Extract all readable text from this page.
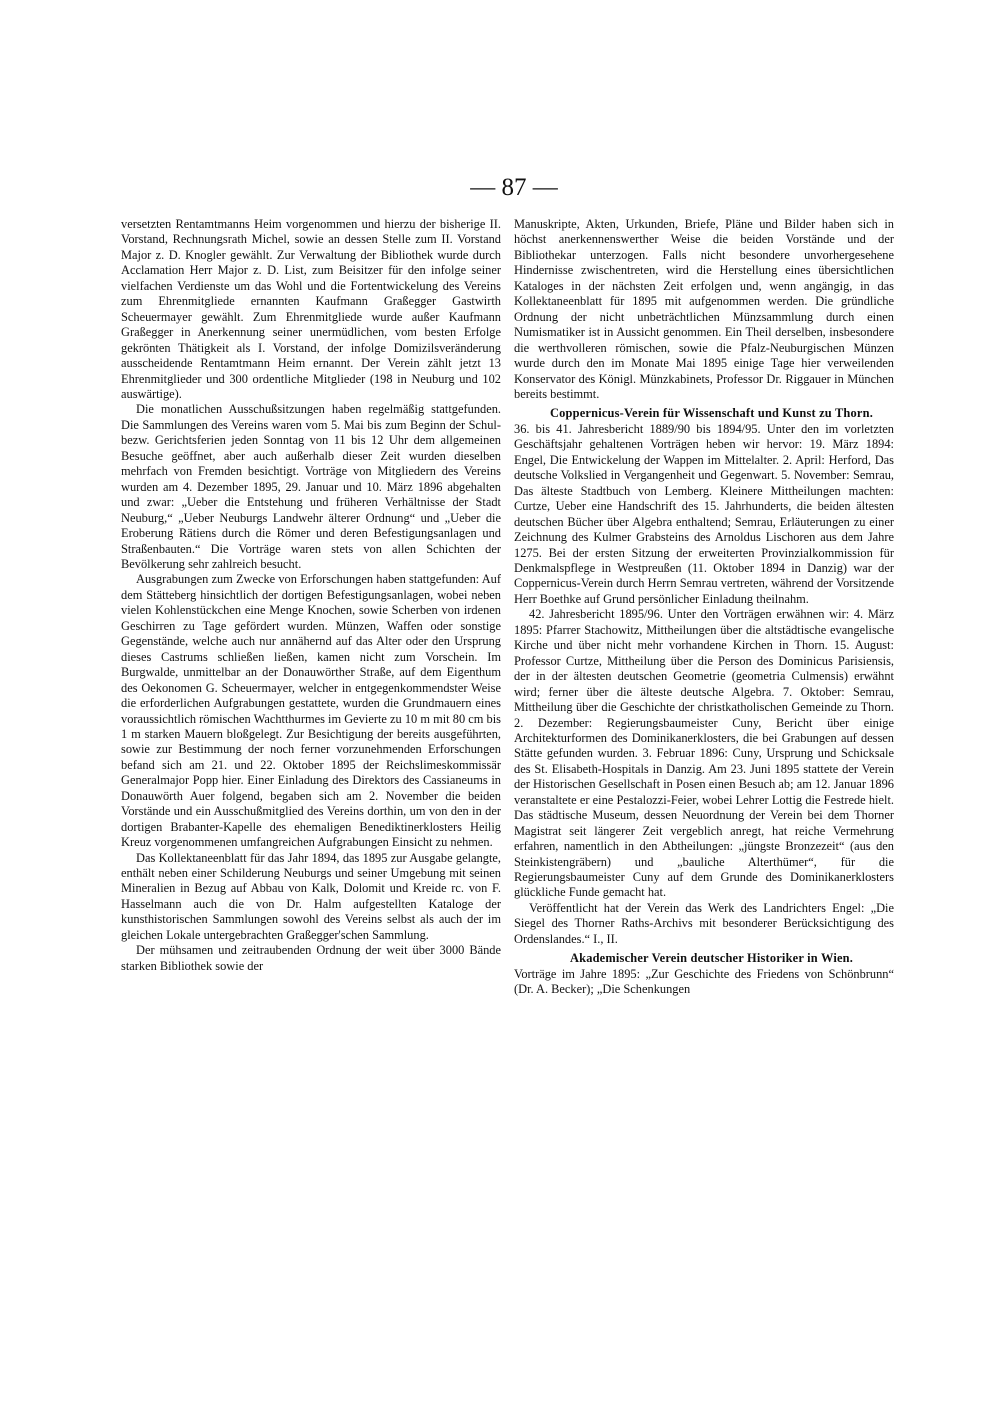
— 87 —

versetzten Rentamtmanns Heim vorgenommen und hierzu der bisherige II. Vorstand, Rechnungsrath Michel, sowie an dessen Stelle zum II. Vorstand Major z. D. Knogler gewählt. Zur Verwaltung der Bibliothek wurde durch Acclamation Herr Major z. D. List, zum Beisitzer für den infolge seiner vielfachen Verdienste um das Wohl und die Fortentwickelung des Vereins zum Ehrenmitgliede ernannten Kaufmann Graßegger Gastwirth Scheuermayer gewählt. Zum Ehrenmitgliede wurde außer Kaufmann Graßegger in Anerkennung seiner unermüdlichen, vom besten Erfolge gekrönten Thätigkeit als I. Vorstand, der infolge Domizilsveränderung ausscheidende Rentamtmann Heim ernannt. Der Verein zählt jetzt 13 Ehrenmitglieder und 300 ordentliche Mitglieder (198 in Neuburg und 102 auswärtige).

Die monatlichen Ausschußsitzungen haben regelmäßig stattgefunden. Die Sammlungen des Vereins waren vom 5. Mai bis zum Beginn der Schul- bezw. Gerichtsferien jeden Sonntag von 11 bis 12 Uhr dem allgemeinen Besuche geöffnet, aber auch außerhalb dieser Zeit wurden dieselben mehrfach von Fremden besichtigt. Vorträge von Mitgliedern des Vereins wurden am 4. Dezember 1895, 29. Januar und 10. März 1896 abgehalten und zwar: „Ueber die Entstehung und früheren Verhältnisse der Stadt Neuburg,“ „Ueber Neuburgs Landwehr älterer Ordnung“ und „Ueber die Eroberung Rätiens durch die Römer und deren Befestigungsanlagen und Straßenbauten.“ Die Vorträge waren stets von allen Schichten der Bevölkerung sehr zahlreich besucht.

Ausgrabungen zum Zwecke von Erforschungen haben stattgefunden: Auf dem Stätteberg hinsichtlich der dortigen Befestigungsanlagen, wobei neben vielen Kohlenstückchen eine Menge Knochen, sowie Scherben von irdenen Geschirren zu Tage gefördert wurden. Münzen, Waffen oder sonstige Gegenstände, welche auch nur annähernd auf das Alter oder den Ursprung dieses Castrums schließen ließen, kamen nicht zum Vorschein. Im Burgwalde, unmittelbar an der Donauwörther Straße, auf dem Eigenthum des Oekonomen G. Scheuermayer, welcher in entgegenkommendster Weise die erforderlichen Aufgrabungen gestattete, wurden die Grundmauern eines voraussichtlich römischen Wachtthurmes im Gevierte zu 10 m mit 80 cm bis 1 m starken Mauern bloßgelegt. Zur Besichtigung der bereits ausgeführten, sowie zur Bestimmung der noch ferner vorzunehmenden Erforschungen befand sich am 21. und 22. Oktober 1895 der Reichslimeskommissär Generalmajor Popp hier. Einer Einladung des Direktors des Cassianeums in Donauwörth Auer folgend, begaben sich am 2. November die beiden Vorstände und ein Ausschußmitglied des Vereins dorthin, um von den in der dortigen Brabanter-Kapelle des ehemaligen Benediktinerklosters Heilig Kreuz vorgenommenen umfangreichen Aufgrabungen Einsicht zu nehmen.

Das Kollektaneenblatt für das Jahr 1894, das 1895 zur Ausgabe gelangte, enthält neben einer Schilderung Neuburgs und seiner Umgebung mit seinen Mineralien in Bezug auf Abbau von Kalk, Dolomit und Kreide rc. von F. Hasselmann auch die von Dr. Halm aufgestellten Kataloge der kunsthistorischen Sammlungen sowohl des Vereins selbst als auch der im gleichen Lokale untergebrachten Graßegger'schen Sammlung.

Der mühsamen und zeitraubenden Ordnung der weit über 3000 Bände starken Bibliothek sowie der

Manuskripte, Akten, Urkunden, Briefe, Pläne und Bilder haben sich in höchst anerkennenswerther Weise die beiden Vorstände und der Bibliothekar unterzogen. Falls nicht besondere unvorhergesehene Hindernisse zwischentreten, wird die Herstellung eines übersichtlichen Kataloges in der nächsten Zeit erfolgen und, wenn angängig, in das Kollektaneenblatt für 1895 mit aufgenommen werden. Die gründliche Ordnung der nicht unbeträchtlichen Münzsammlung durch einen Numismatiker ist in Aussicht genommen. Ein Theil derselben, insbesondere die werthvolleren römischen, sowie die Pfalz-Neuburgischen Münzen wurde durch den im Monate Mai 1895 einige Tage hier verweilenden Konservator des Königl. Münzkabinets, Professor Dr. Riggauer in München bereits bestimmt.

Coppernicus-Verein für Wissenschaft und Kunst zu Thorn.
36. bis 41. Jahresbericht 1889/90 bis 1894/95. Unter den im vorletzten Geschäftsjahr gehaltenen Vorträgen heben wir hervor: 19. März 1894: Engel, Die Entwickelung der Wappen im Mittelalter. 2. April: Herford, Das deutsche Volkslied in Vergangenheit und Gegenwart. 5. November: Semrau, Das älteste Stadtbuch von Lemberg. Kleinere Mittheilungen machten: Curtze, Ueber eine Handschrift des 15. Jahrhunderts, die beiden ältesten deutschen Bücher über Algebra enthaltend; Semrau, Erläuterungen zu einer Zeichnung des Kulmer Grabsteins des Arnoldus Lischoren aus dem Jahre 1275. Bei der ersten Sitzung der erweiterten Provinzialkommission für Denkmalspflege in Westpreußen (11. Oktober 1894 in Danzig) war der Coppernicus-Verein durch Herrn Semrau vertreten, während der Vorsitzende Herr Boethke auf Grund persönlicher Einladung theilnahm.

42. Jahresbericht 1895/96. Unter den Vorträgen erwähnen wir: 4. März 1895: Pfarrer Stachowitz, Mittheilungen über die altstädtische evangelische Kirche und über nicht mehr vorhandene Kirchen in Thorn. 15. August: Professor Curtze, Mittheilung über die Person des Dominicus Parisiensis, der in der ältesten deutschen Geometrie (geometria Culmensis) erwähnt wird; ferner über die älteste deutsche Algebra. 7. Oktober: Semrau, Mittheilung über die Geschichte der christkatholischen Gemeinde zu Thorn. 2. Dezember: Regierungsbaumeister Cuny, Bericht über einige Architekturformen des Dominikanerklosters, die bei Grabungen auf dessen Stätte gefunden wurden. 3. Februar 1896: Cuny, Ursprung und Schicksale des St. Elisabeth-Hospitals in Danzig. Am 23. Juni 1895 stattete der Verein der Historischen Gesellschaft in Posen einen Besuch ab; am 12. Januar 1896 veranstaltete er eine Pestalozzi-Feier, wobei Lehrer Lottig die Festrede hielt. Das städtische Museum, dessen Neuordnung der Verein bei dem Thorner Magistrat seit längerer Zeit vergeblich anregt, hat reiche Vermehrung erfahren, namentlich in den Abtheilungen: „jüngste Bronzezeit“ (aus den Steinkistengräbern) und „bauliche Alterthümer“, für die Regierungsbaumeister Cuny auf dem Grunde des Dominikanerklosters glückliche Funde gemacht hat.

Veröffentlicht hat der Verein das Werk des Landrichters Engel: „Die Siegel des Thorner Raths-Archivs mit besonderer Berücksichtigung des Ordenslandes.“ I., II.

Akademischer Verein deutscher Historiker in Wien.
Vorträge im Jahre 1895: „Zur Geschichte des Friedens von Schönbrunn“ (Dr. A. Becker); „Die Schenkungen
